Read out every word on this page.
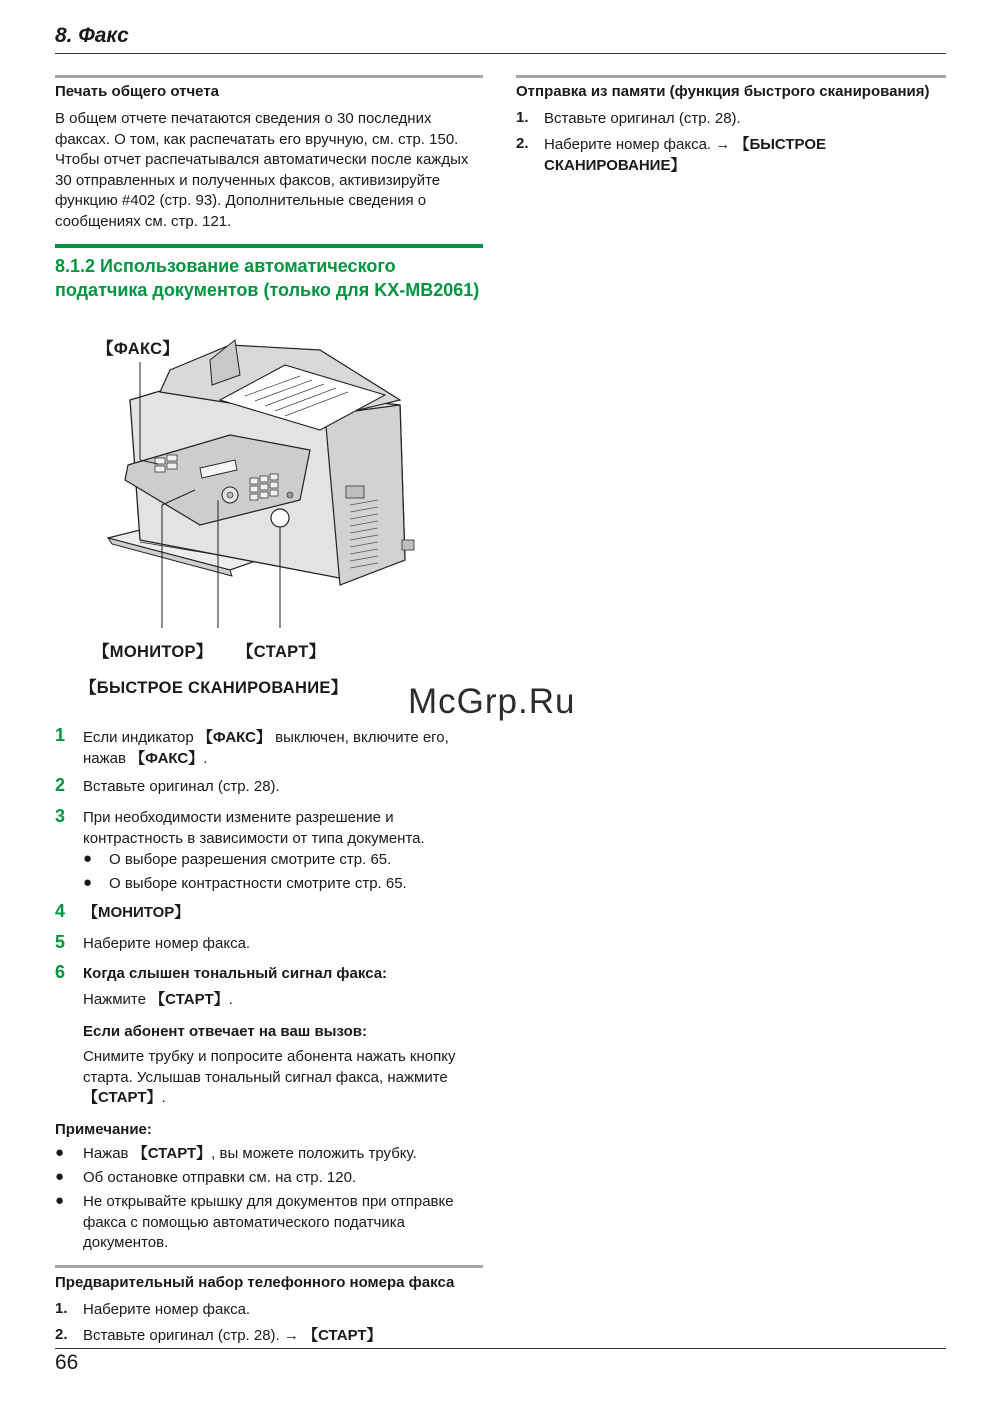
8. Факс
Печать общего отчета
В общем отчете печатаются сведения о 30 последних
факсах. О том, как распечатать его вручную, см. стр. 150.
Чтобы отчет распечатывался автоматически после каждых
30 отправленных и полученных факсов, активизируйте
функцию #402 (стр. 93). Дополнительные сведения о
сообщениях см. стр. 121.
8.1.2 Использование автоматического
податчика документов (только для KX-MB2061)
【ФАКС】
【МОНИТОР】 【СТАРТ】
【БЫСТРОЕ СКАНИРОВАНИЕ】
1 Если индикатор 【ФАКС】 выключен, включите его,
нажав 【ФАКС】.
2 Вставьте оригинал (стр. 28).
3 При необходимости измените разрешение и
контрастность в зависимости от типа документа.
● О выборе разрешения смотрите стр. 65.
● О выборе контрастности смотрите стр. 65.
4 【МОНИТОР】
5 Наберите номер факса.
6 Когда слышен тональный сигнал факса:
Нажмите 【СТАРТ】.
Если абонент отвечает на ваш вызов:
Снимите трубку и попросите абонента нажать кнопку
старта. Услышав тональный сигнал факса, нажмите
【СТАРТ】.
Примечание:
● Нажав 【СТАРТ】, вы можете положить трубку.
● Об остановке отправки см. на стр. 120.
● Не открывайте крышку для документов при отправке
факса с помощью автоматического податчика
документов.
Предварительный набор телефонного номера факса
1. Наберите номер факса.
2. Вставьте оригинал (стр. 28). → 【СТАРТ】
Отправка из памяти (функция быстрого сканирования)
1. Вставьте оригинал (стр. 28).
2. Наберите номер факса. → 【БЫСТРОЕ
СКАНИРОВАНИЕ】
McGrp.Ru
66
